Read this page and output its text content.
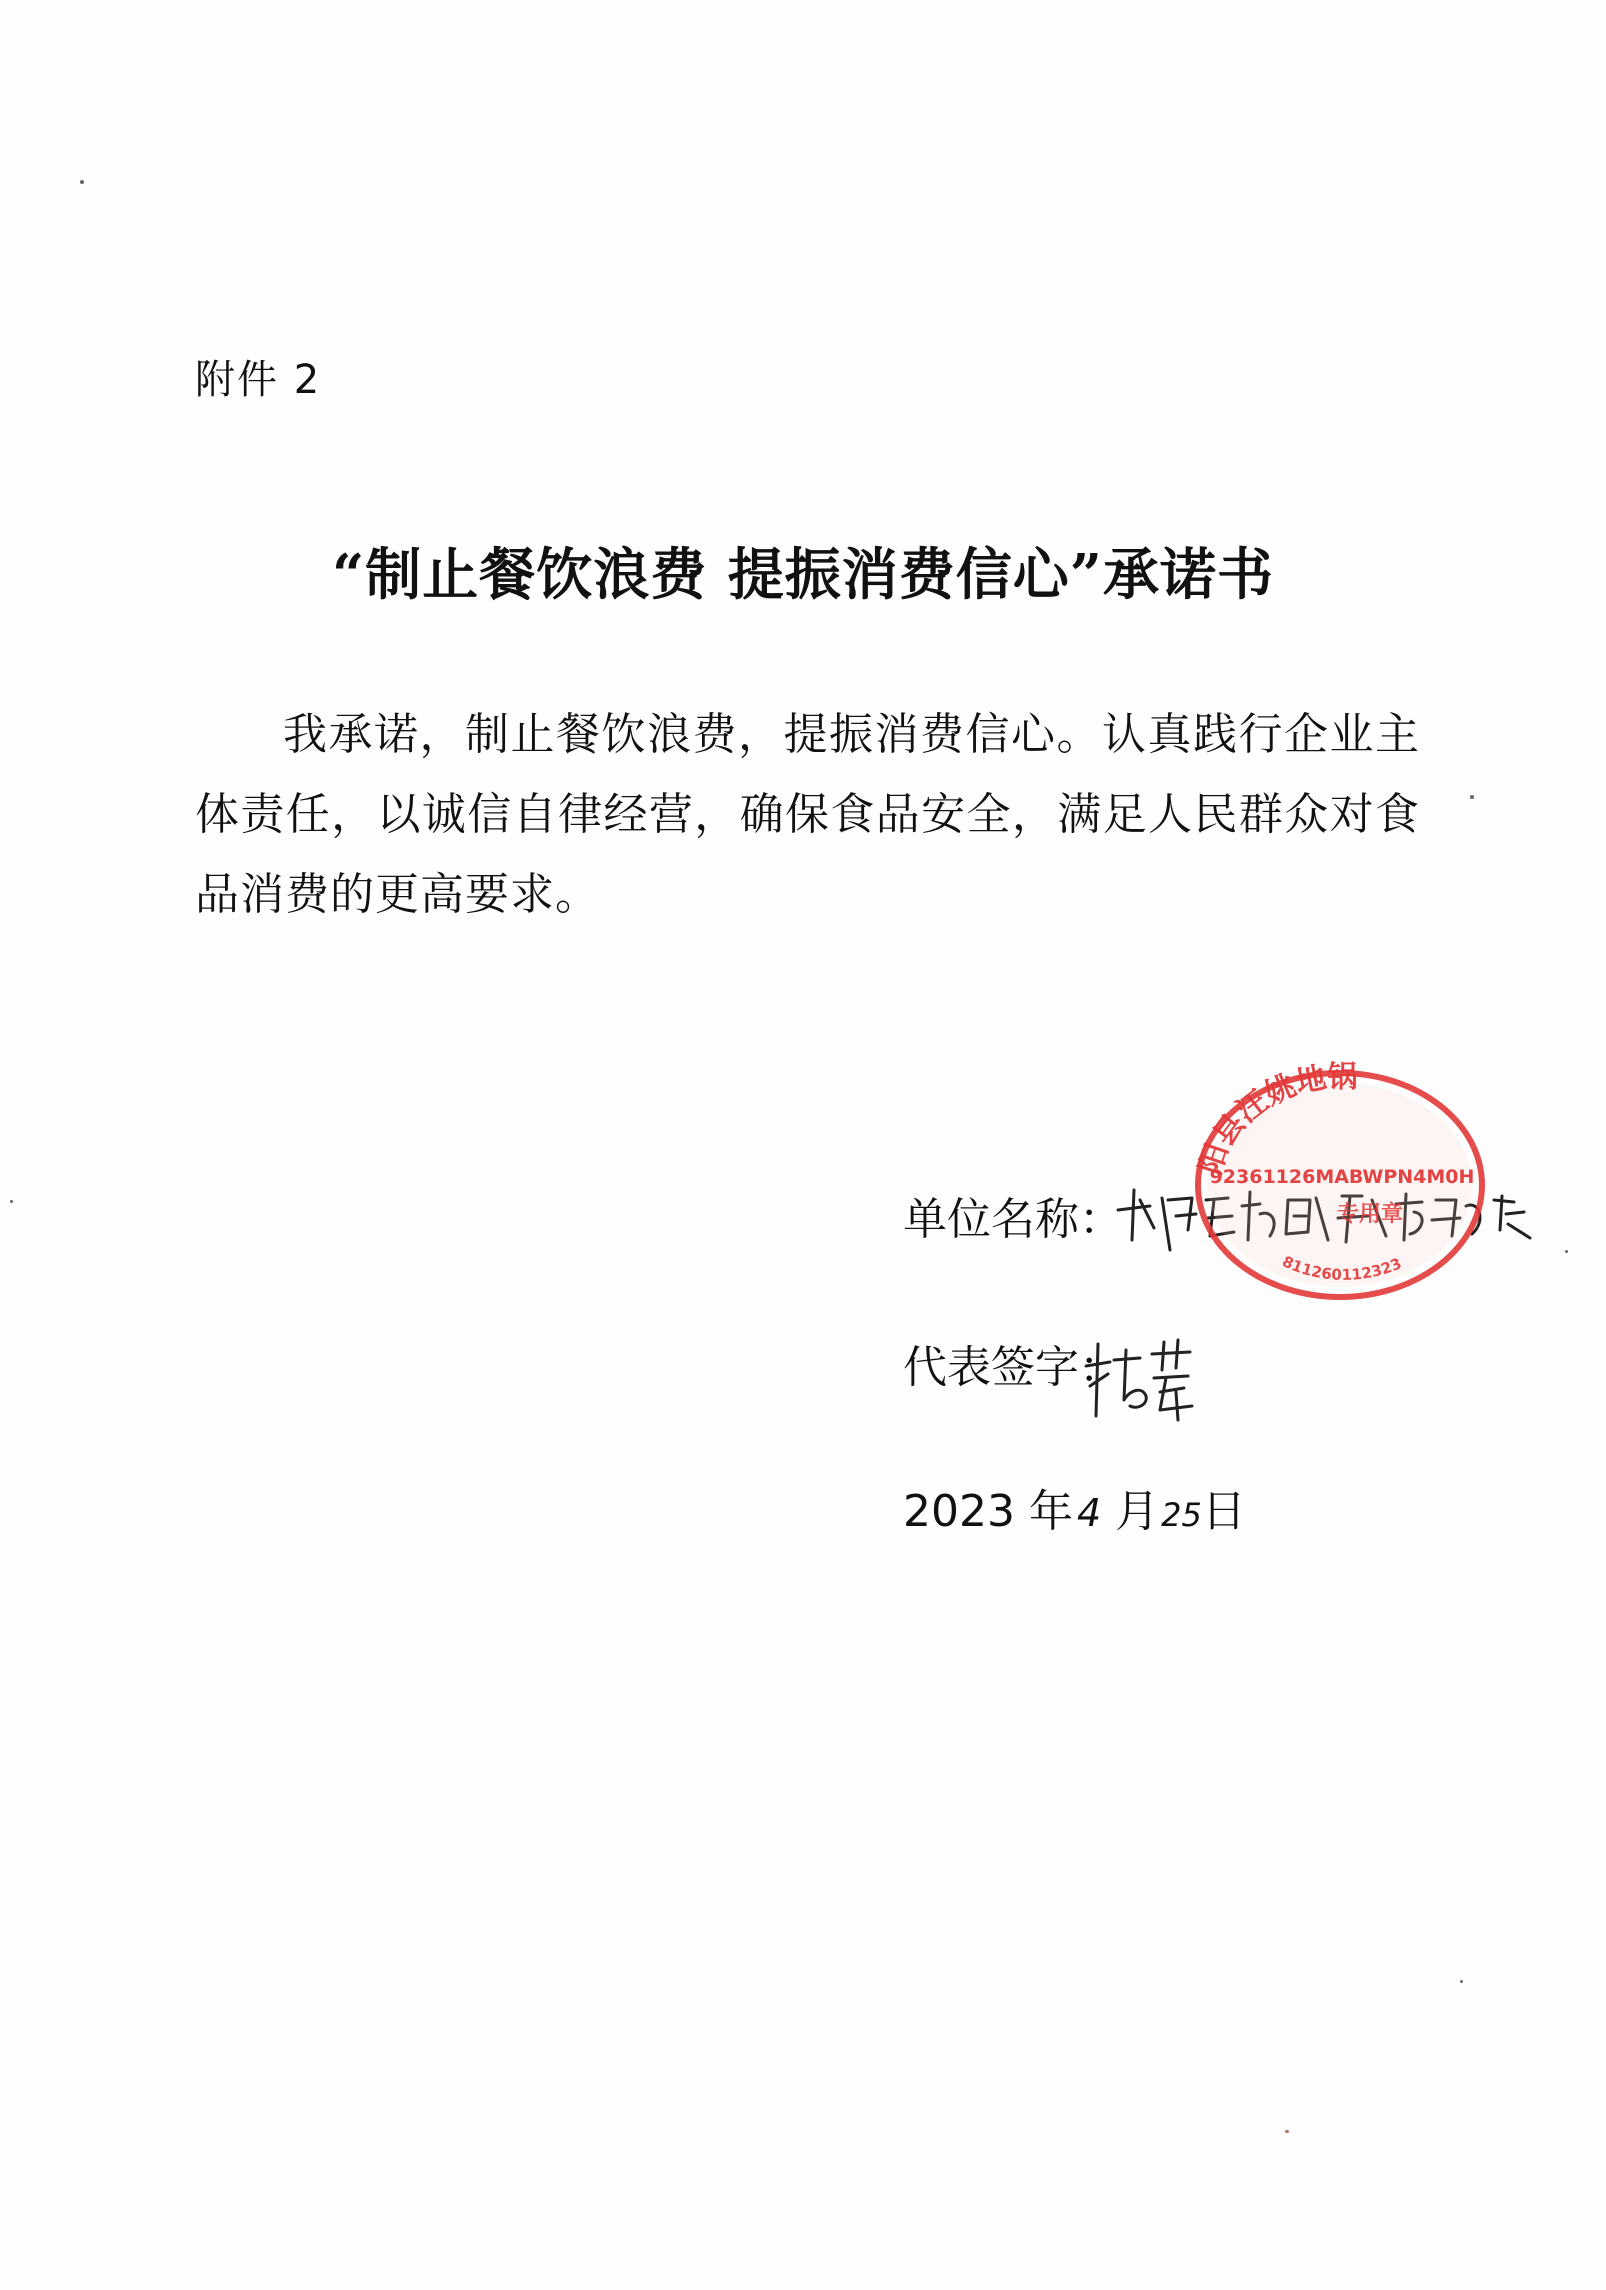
附件 2
“制止餐饮浪费 提振消费信心”承诺书
我承诺，制止餐饮浪费，提振消费信心。认真践行企业主体责任，以诚信自律经营，确保食品安全，满足人民群众对食品消费的更高要求。
单位名称：
代表签字：
2023 年 4 月25日
阳县汪姚地锅
92361126MABWPN4M0H
专用章
811260112323
